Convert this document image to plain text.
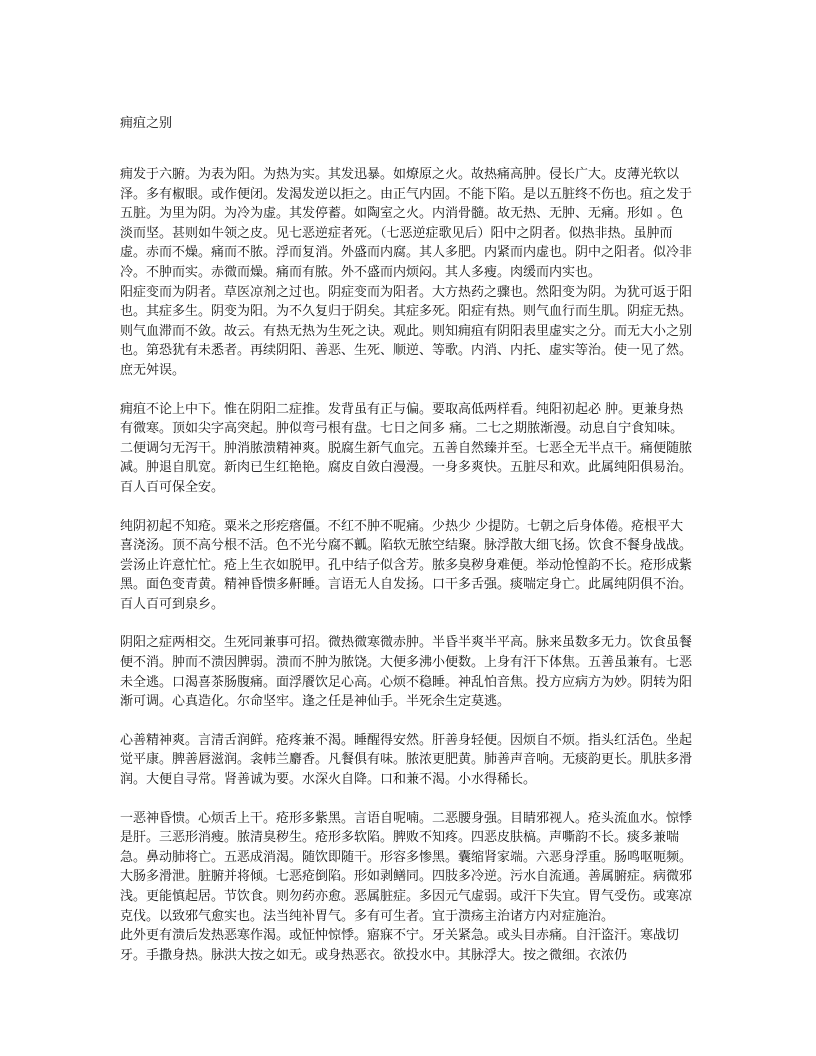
痈疽之别

痈发于六腑。为表为阳。为热为实。其发迅暴。如燎原之火。故热痛高肿。侵长广大。皮薄光软以泽。多有椒眼。或作便闭。发渴发逆以拒之。由正气内固。不能下陷。是以五脏终不伤也。疽之发于五脏。为里为阴。为冷为虚。其发停蓄。如陶室之火。内消骨髓。故无热、无肿、无痛。形如 。色淡而坚。甚则如牛领之皮。见七恶逆症者死。（七恶逆症歌见后）阳中之阴者。似热非热。虽肿而虚。赤而不燥。痛而不脓。浮而复消。外盛而内腐。其人多肥。内紧而内虚也。阴中之阳者。似冷非冷。不肿而实。赤微而燥。痛而有脓。外不盛而内烦闷。其人多瘦。肉缓而内实也。

阳症变而为阴者。草医凉剂之过也。阴症变而为阳者。大方热药之骤也。然阳变为阴。为犹可返于阳也。其症多生。阴变为阳。为不久复归于阴矣。其症多死。阳症有热。则气血行而生肌。阴症无热。则气血滞而不敛。故云。有热无热为生死之诀。观此。则知痈疽有阴阳表里虚实之分。而无大小之别也。第恐犹有未悉者。再续阴阳、善恶、生死、顺逆、等歌。内消、内托、虚实等治。使一见了然。庶无舛误。

痈疽不论上中下。惟在阴阳二症推。发背虽有正与偏。要取高低两样看。纯阳初起必 肿。更兼身热有微寒。顶如尖字高突起。肿似弯弓根有盘。七日之间多 痛。二七之期脓渐漫。动息自宁食知味。二便调匀无泻干。肿消脓溃精神爽。脱腐生新气血完。五善自然臻并至。七恶全无半点干。痛便随脓减。肿退自肌宽。新肉已生红艳艳。腐皮自敛白漫漫。一身多爽快。五脏尽和欢。此属纯阳俱易治。百人百可保全安。

纯阴初起不知疮。粟米之形疙瘩僵。不红不肿不呢痛。少热少 少提防。七朝之后身体倦。疮根平大喜浇汤。顶不高兮根不活。色不光兮腐不瓤。陷软无脓空结聚。脉浮散大细飞扬。饮食不餐身战战。尝汤止许意忙忙。疮上生衣如脱甲。孔中结子似含芳。脓多臭秽身难便。举动怆惶韵不长。疮形成紫黑。面色变青黄。精神昏愦多鼾睡。言语无人自发扬。口干多舌强。痰喘定身亡。此属纯阴俱不治。百人百可到泉乡。

阴阳之症两相交。生死同兼事可招。微热微寒微赤肿。半昏半爽半平高。脉来虽数多无力。饮食虽餐便不消。肿而不溃因脾弱。溃而不肿为脓饶。大便多沸小便数。上身有汗下体焦。五善虽兼有。七恶未全逃。口渴喜茶肠腹痛。面浮餍饮足心高。心烦不稳睡。神乱怕音焦。投方应病方为妙。阴转为阳渐可调。心真造化。尔命坚牢。逢之任是神仙手。半死余生定莫逃。

心善精神爽。言清舌润鲜。疮疼兼不渴。睡醒得安然。肝善身轻便。因烦自不烦。指头红活色。坐起觉平康。脾善唇滋润。衾帏兰麝香。凡餐俱有味。脓浓更肥黄。肺善声音响。无痰韵更长。肌肤多滑润。大便自寻常。肾善诚为要。水深火自降。口和兼不渴。小水得稀长。

一恶神昏愦。心烦舌上干。疮形多紫黑。言语自呢喃。二恶腰身强。目睛邪视人。疮头流血水。惊悸是肝。三恶形消瘦。脓清臭秽生。疮形多软陷。脾败不知疼。四恶皮肤槁。声嘶韵不长。痰多兼喘急。鼻动肺将亡。五恶成消渴。随饮即随干。形容多惨黑。囊缩肾家端。六恶身浮重。肠鸣呕呃频。大肠多滑泄。脏腑并将倾。七恶疮倒陷。形如剥鳝同。四肢多冷逆。污水自流通。善属腑症。病微邪浅。更能慎起居。节饮食。则勿药亦愈。恶属脏症。多因元气虚弱。或汗下失宜。胃气受伤。或寒凉克伐。以致邪气愈实也。法当纯补胃气。多有可生者。宜于溃疡主治诸方内对症施治。

此外更有溃后发热恶寒作渴。或怔忡惊悸。寤寐不宁。牙关紧急。或头目赤痛。自汗盗汗。寒战切牙。手撒身热。脉洪大按之如无。或身热恶衣。欲投水中。其脉浮大。按之微细。衣浓仍
